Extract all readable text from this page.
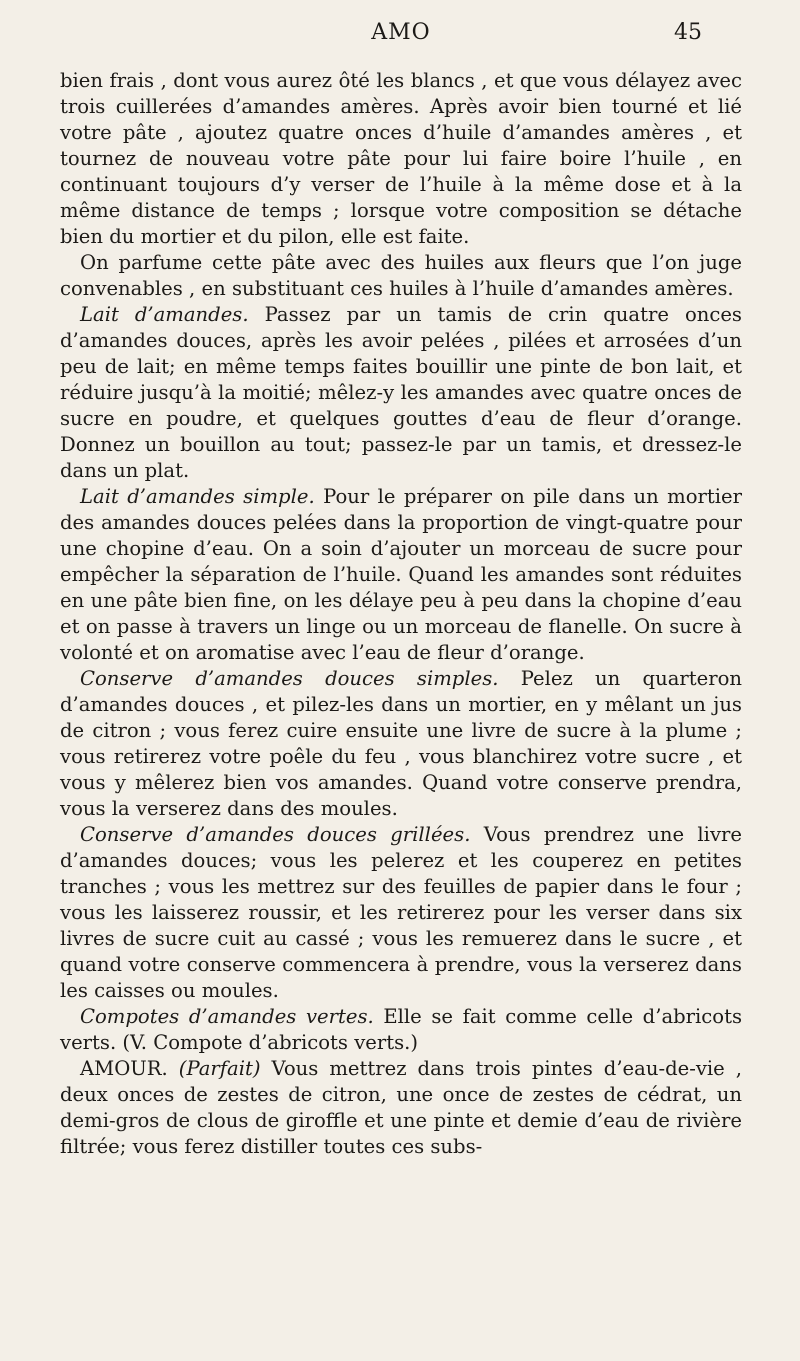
AMO	45

bien frais , dont vous aurez ôté les blancs , et que vous délayez avec trois cuillerées d’amandes amères. Après avoir bien tourné et lié votre pâte , ajoutez quatre onces d’huile d’amandes amères , et tournez de nouveau votre pâte pour lui faire boire l’huile , en continuant toujours d’y verser de l’huile à la même dose et à la même distance de temps ; lorsque votre composition se détache bien du mortier et du pilon, elle est faite.

On parfume cette pâte avec des huiles aux fleurs que l’on juge convenables , en substituant ces huiles à l’huile d’amandes amères.

Lait d’amandes. Passez par un tamis de crin quatre onces d’amandes douces, après les avoir pelées , pilées et arrosées d’un peu de lait; en même temps faites bouillir une pinte de bon lait, et réduire jusqu’à la moitié; mêlez-y les amandes avec quatre onces de sucre en poudre, et quelques gouttes d’eau de fleur d’orange. Donnez un bouillon au tout; passez-le par un tamis, et dressez-le dans un plat.

Lait d’amandes simple. Pour le préparer on pile dans un mortier des amandes douces pelées dans la proportion de vingt-quatre pour une chopine d’eau. On a soin d’ajouter un morceau de sucre pour empêcher la séparation de l’huile. Quand les amandes sont réduites en une pâte bien fine, on les délaye peu à peu dans la chopine d’eau et on passe à travers un linge ou un morceau de flanelle. On sucre à volonté et on aromatise avec l’eau de fleur d’orange.

Conserve d’amandes douces simples. Pelez un quarteron d’amandes douces , et pilez-les dans un mortier, en y mêlant un jus de citron ; vous ferez cuire ensuite une livre de sucre à la plume ; vous retirerez votre poêle du feu , vous blanchirez votre sucre , et vous y mêlerez bien vos amandes. Quand votre conserve prendra, vous la verserez dans des moules.

Conserve d’amandes douces grillées. Vous prendrez une livre d’amandes douces; vous les pelerez et les couperez en petites tranches ; vous les mettrez sur des feuilles de papier dans le four ; vous les laisserez roussir, et les retirerez pour les verser dans six livres de sucre cuit au cassé ; vous les remuerez dans le sucre , et quand votre conserve commencera à prendre, vous la verserez dans les caisses ou moules.

Compotes d’amandes vertes. Elle se fait comme celle d’abricots verts. (V. Compote d’abricots verts.)

AMOUR. (Parfait) Vous mettrez dans trois pintes d’eau-de-vie , deux onces de zestes de citron, une once de zestes de cédrat, un demi-gros de clous de giroffle et une pinte et demie d’eau de rivière filtrée; vous ferez distiller toutes ces subs-
